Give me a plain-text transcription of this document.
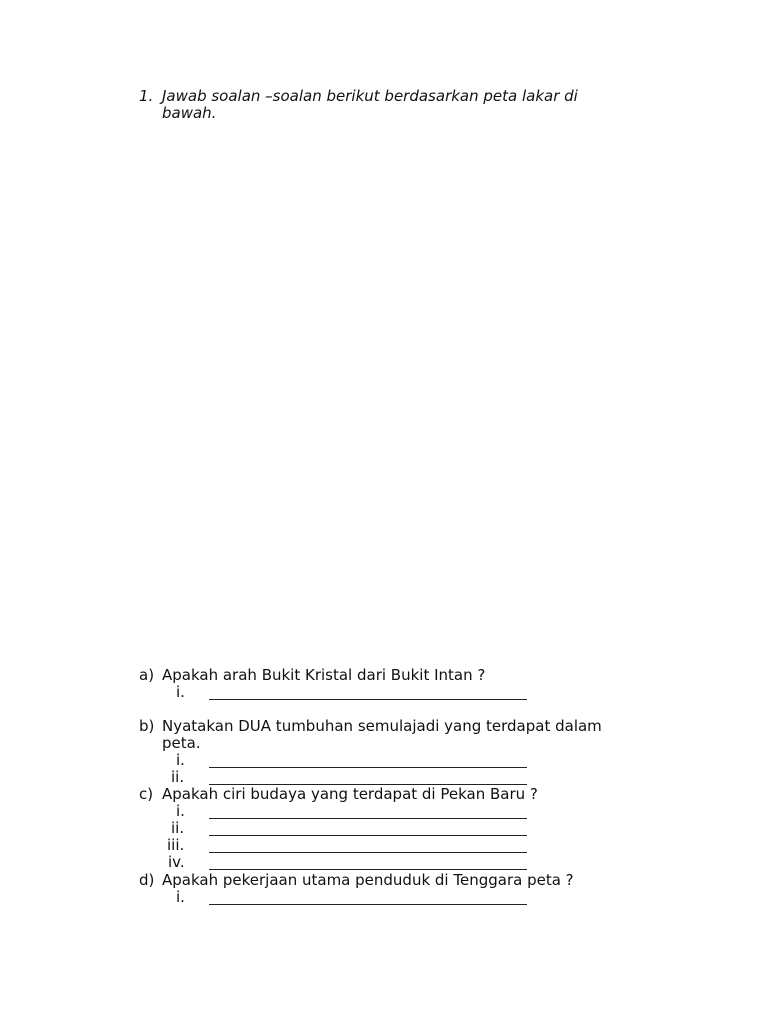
1. Jawab soalan –soalan berikut berdasarkan peta lakar di
bawah.
a) Apakah arah Bukit Kristal dari Bukit Intan ?
i.
b) Nyatakan DUA tumbuhan semulajadi yang terdapat dalam
peta.
i.
ii.
c) Apakah ciri budaya yang terdapat di Pekan Baru ?
i.
ii.
iii.
iv.
d) Apakah pekerjaan utama penduduk di Tenggara peta ?
i.
